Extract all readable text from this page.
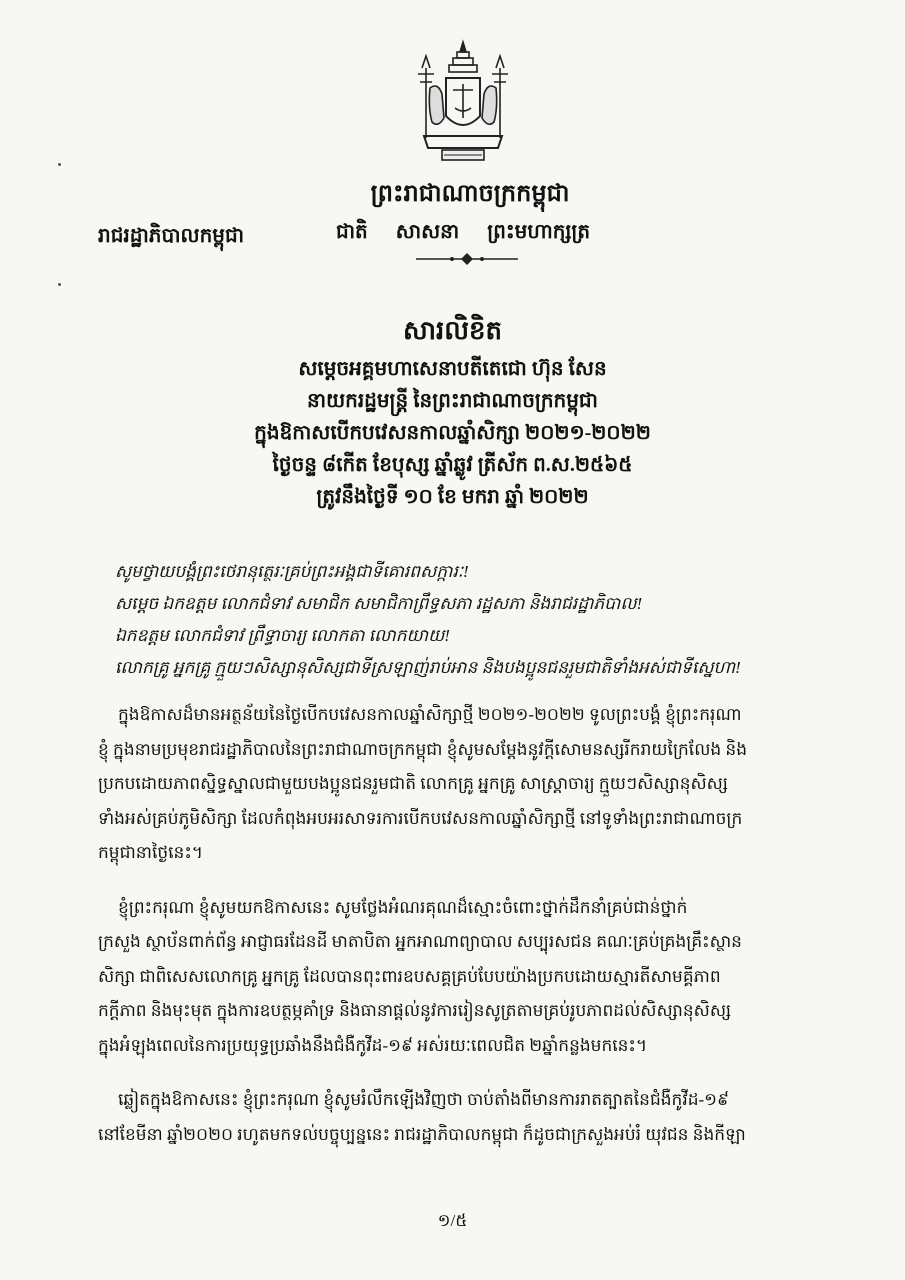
ព្រះរាជាណាចក្រកម្ពុជា
រាជរដ្ឋាភិបាលកម្ពុជា	ជាតិ សាសនា ព្រះមហាក្សត្រ
សារលិខិត
សម្តេចអគ្គមហាសេនាបតីតេជោ ហ៊ុន សែន
នាយករដ្ឋមន្ត្រី នៃព្រះរាជាណាចក្រកម្ពុជា
ក្នុងឱកាសបើកបវេសនកាលឆ្នាំសិក្សា ២០២១-២០២២
ថ្ងៃចន្ទ ៨កើត ខែបុស្ស ឆ្នាំឆ្លូវ ត្រីស័ក ព.ស.២៥៦៥
ត្រូវនឹងថ្ងៃទី ១០ ខែ មករា ឆ្នាំ ២០២២
សូមថ្វាយបង្គំព្រះថេរានុត្ថេរៈគ្រប់ព្រះអង្គជាទីគោរពសក្ការៈ!
សម្ដេច ឯកឧត្តម លោកជំទាវ សមាជិក សមាជិកាព្រឹទ្ធសភា រដ្ឋសភា និងរាជរដ្ឋាភិបាល!
ឯកឧត្តម លោកជំទាវ ព្រឹទ្ធាចារ្យ លោកតា លោកយាយ!
លោកគ្រូ អ្នកគ្រូ ក្មួយៗសិស្សានុសិស្សជាទីស្រឡាញ់រាប់អាន និងបងប្អូនជនរួមជាតិទាំងអស់ជាទីស្នេហា!

ក្នុងឱកាសដ៏មានអត្ថន័យនៃថ្ងៃបើកបវេសនកាលឆ្នាំសិក្សាថ្មី ២០២១-២០២២ ទូលព្រះបង្គំ ខ្ញុំព្រះករុណា
ខ្ញុំ ក្នុងនាមប្រមុខរាជរដ្ឋាភិបាលនៃព្រះរាជាណាចក្រកម្ពុជា ខ្ញុំសូមសម្ដែងនូវក្ដីសោមនស្សរីករាយក្រៃលែង និង
ប្រកបដោយភាពស្និទ្ធស្នាលជាមួយបងប្អូនជនរួមជាតិ លោកគ្រូ អ្នកគ្រូ សាស្ត្រាចារ្យ ក្មួយៗសិស្សានុសិស្ស
ទាំងអស់គ្រប់ភូមិសិក្សា ដែលកំពុងអបអរសាទរការបើកបវេសនកាលឆ្នាំសិក្សាថ្មី នៅទូទាំងព្រះរាជាណាចក្រ
កម្ពុជានាថ្ងៃនេះ។

ខ្ញុំព្រះករុណា ខ្ញុំសូមយកឱកាសនេះ សូមថ្លែងអំណរគុណដ៏ស្មោះចំពោះថ្នាក់ដឹកនាំគ្រប់ជាន់ថ្នាក់
ក្រសួង ស្ថាប័នពាក់ព័ន្ធ អាជ្ញាធរដែនដី មាតាបិតា អ្នកអាណាព្យាបាល សប្បុរសជន គណៈគ្រប់គ្រងគ្រឹះស្ថាន
សិក្សា ជាពិសេសលោកគ្រូ អ្នកគ្រូ ដែលបានពុះពារឧបសគ្គគ្រប់បែបយ៉ាងប្រកបដោយស្មារតីសាមគ្គីភាព
កក្ដីភាព និងមុះមុត ក្នុងការឧបត្ថម្ភគាំទ្រ និងធានាផ្ដល់នូវការរៀនសូត្រតាមគ្រប់រូបភាពដល់សិស្សានុសិស្ស
ក្នុងអំឡុងពេលនៃការប្រយុទ្ធប្រឆាំងនឹងជំងឺកូវីដ-១៩ អស់រយៈពេលជិត ២ឆ្នាំកន្លងមកនេះ។

ឆ្លៀតក្នុងឱកាសនេះ ខ្ញុំព្រះករុណា ខ្ញុំសូមរំលឹកឡើងវិញថា ចាប់តាំងពីមានការរាតត្បាតនៃជំងឺកូវីដ-១៩
នៅខែមីនា ឆ្នាំ២០២០ រហូតមកទល់បច្ចុប្បន្ននេះ រាជរដ្ឋាភិបាលកម្ពុជា ក៏ដូចជាក្រសួងអប់រំ យុវជន និងកីឡា

១/៥
